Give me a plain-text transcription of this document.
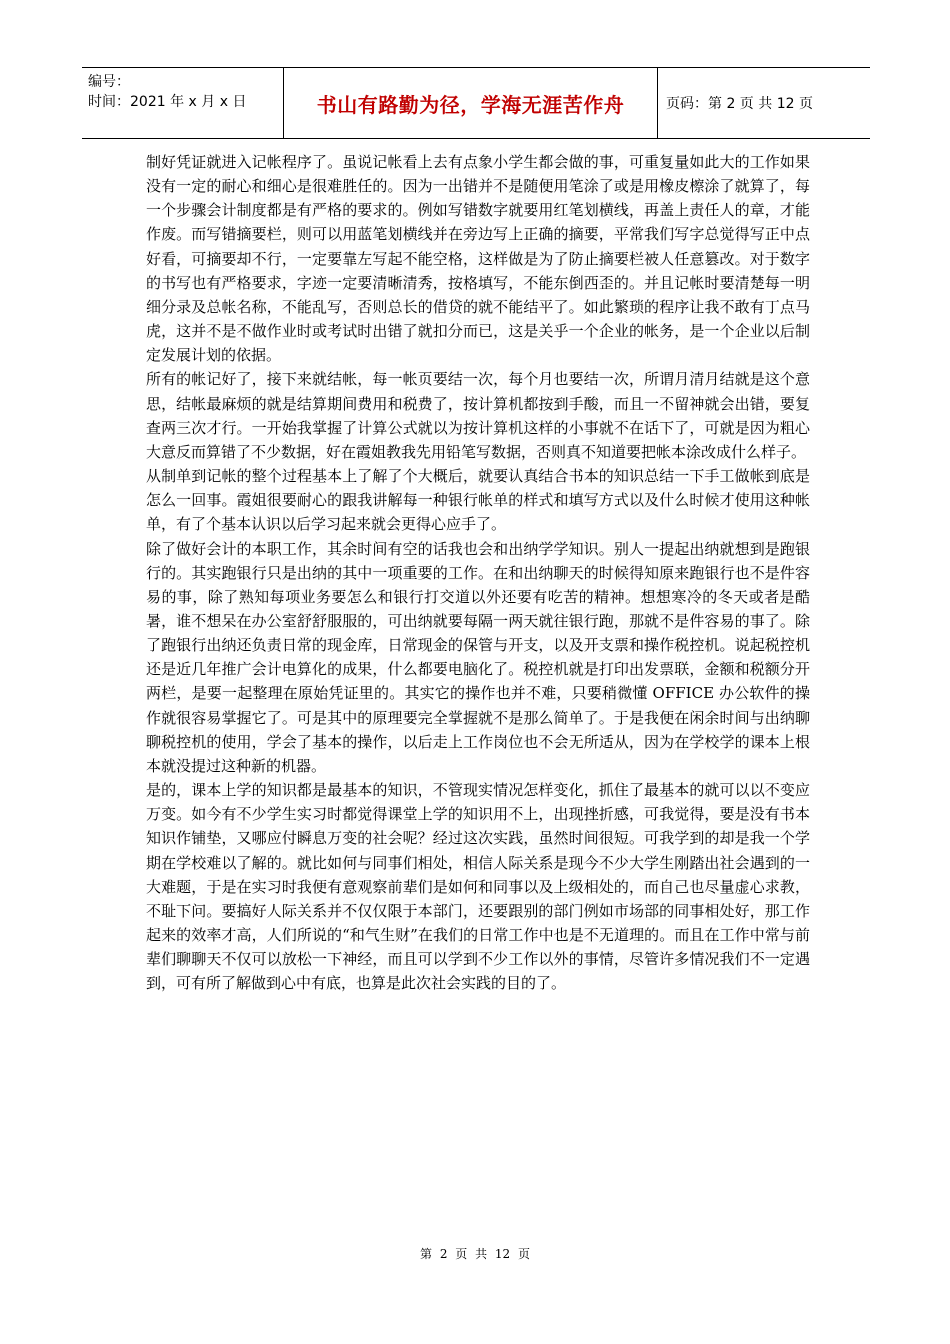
编号：
时间：2021 年 x 月 x 日	书山有路勤为径，学海无涯苦作舟	页码：第 2 页 共 12 页

制好凭证就进入记帐程序了。虽说记帐看上去有点象小学生都会做的事，可重复量如此大的工作如果没有一定的耐心和细心是很难胜任的。因为一出错并不是随便用笔涂了或是用橡皮檫涂了就算了，每一个步骤会计制度都是有严格的要求的。例如写错数字就要用红笔划横线，再盖上责任人的章，才能作废。而写错摘要栏，则可以用蓝笔划横线并在旁边写上正确的摘要，平常我们写字总觉得写正中点好看，可摘要却不行，一定要靠左写起不能空格，这样做是为了防止摘要栏被人任意篡改。对于数字的书写也有严格要求，字迹一定要清晰清秀，按格填写，不能东倒西歪的。并且记帐时要清楚每一明细分录及总帐名称，不能乱写，否则总长的借贷的就不能结平了。如此繁琐的程序让我不敢有丁点马虎，这并不是不做作业时或考试时出错了就扣分而已，这是关乎一个企业的帐务，是一个企业以后制定发展计划的依据。

所有的帐记好了，接下来就结帐，每一帐页要结一次，每个月也要结一次，所谓月清月结就是这个意思，结帐最麻烦的就是结算期间费用和税费了，按计算机都按到手酸，而且一不留神就会出错，要复查两三次才行。一开始我掌握了计算公式就以为按计算机这样的小事就不在话下了，可就是因为粗心大意反而算错了不少数据，好在霞姐教我先用铅笔写数据，否则真不知道要把帐本涂改成什么样子。

从制单到记帐的整个过程基本上了解了个大概后，就要认真结合书本的知识总结一下手工做帐到底是怎么一回事。霞姐很要耐心的跟我讲解每一种银行帐单的样式和填写方式以及什么时候才使用这种帐单，有了个基本认识以后学习起来就会更得心应手了。

除了做好会计的本职工作，其余时间有空的话我也会和出纳学学知识。别人一提起出纳就想到是跑银行的。其实跑银行只是出纳的其中一项重要的工作。在和出纳聊天的时候得知原来跑银行也不是件容易的事，除了熟知每项业务要怎么和银行打交道以外还要有吃苦的精神。想想寒冷的冬天或者是酷暑，谁不想呆在办公室舒舒服服的，可出纳就要每隔一两天就往银行跑，那就不是件容易的事了。除了跑银行出纳还负责日常的现金库，日常现金的保管与开支，以及开支票和操作税控机。说起税控机还是近几年推广会计电算化的成果，什么都要电脑化了。税控机就是打印出发票联，金额和税额分开两栏，是要一起整理在原始凭证里的。其实它的操作也并不难，只要稍微懂 OFFICE 办公软件的操作就很容易掌握它了。可是其中的原理要完全掌握就不是那么简单了。于是我便在闲余时间与出纳聊聊税控机的使用，学会了基本的操作，以后走上工作岗位也不会无所适从，因为在学校学的课本上根本就没提过这种新的机器。

是的，课本上学的知识都是最基本的知识，不管现实情况怎样变化，抓住了最基本的就可以以不变应万变。如今有不少学生实习时都觉得课堂上学的知识用不上，出现挫折感，可我觉得，要是没有书本知识作铺垫，又哪应付瞬息万变的社会呢？经过这次实践，虽然时间很短。可我学到的却是我一个学期在学校难以了解的。就比如何与同事们相处，相信人际关系是现今不少大学生刚踏出社会遇到的一大难题，于是在实习时我便有意观察前辈们是如何和同事以及上级相处的，而自己也尽量虚心求教，不耻下问。要搞好人际关系并不仅仅限于本部门，还要跟别的部门例如市场部的同事相处好，那工作起来的效率才高，人们所说的“和气生财”在我们的日常工作中也是不无道理的。而且在工作中常与前辈们聊聊天不仅可以放松一下神经，而且可以学到不少工作以外的事情，尽管许多情况我们不一定遇到，可有所了解做到心中有底，也算是此次社会实践的目的了。

第 2 页 共 12 页
